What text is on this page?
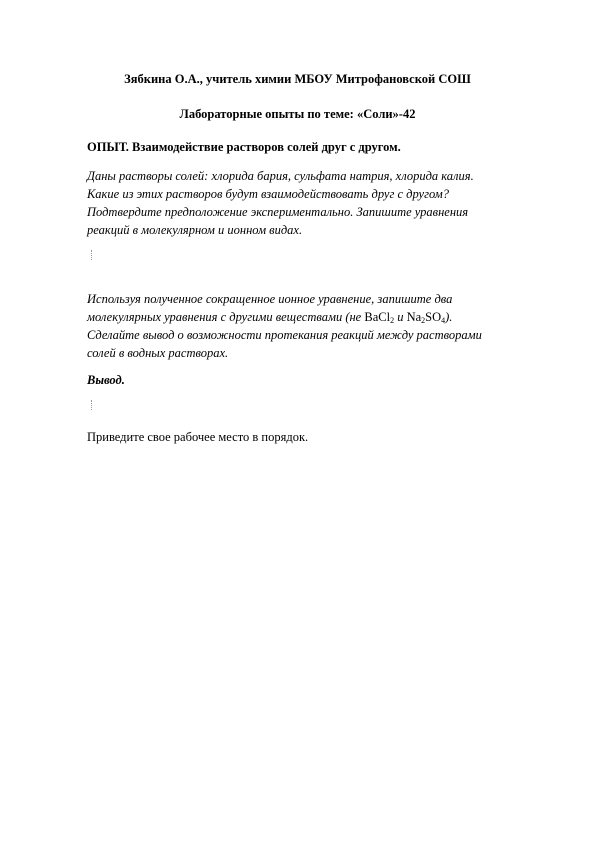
Зябкина О.А., учитель химии МБОУ Митрофановской СОШ
Лабораторные опыты по теме: «Соли»-42
ОПЫТ. Взаимодействие растворов солей друг с другом.
Даны растворы солей: хлорида бария, сульфата натрия, хлорида калия.
Какие из этих растворов будут взаимодействовать друг с другом?
Подтвердите предположение экспериментально. Запишите уравнения
реакций в молекулярном и ионном видах.
Используя полученное сокращенное ионное уравнение, запишите два
молекулярных уравнения с другими веществами (не BaCl$_2$ и $Na_2SO_4$).
Сделайте вывод о возможности протекания реакций между растворами
солей в водных растворах.
Вывод.
Приведите свое рабочее место в порядок.
